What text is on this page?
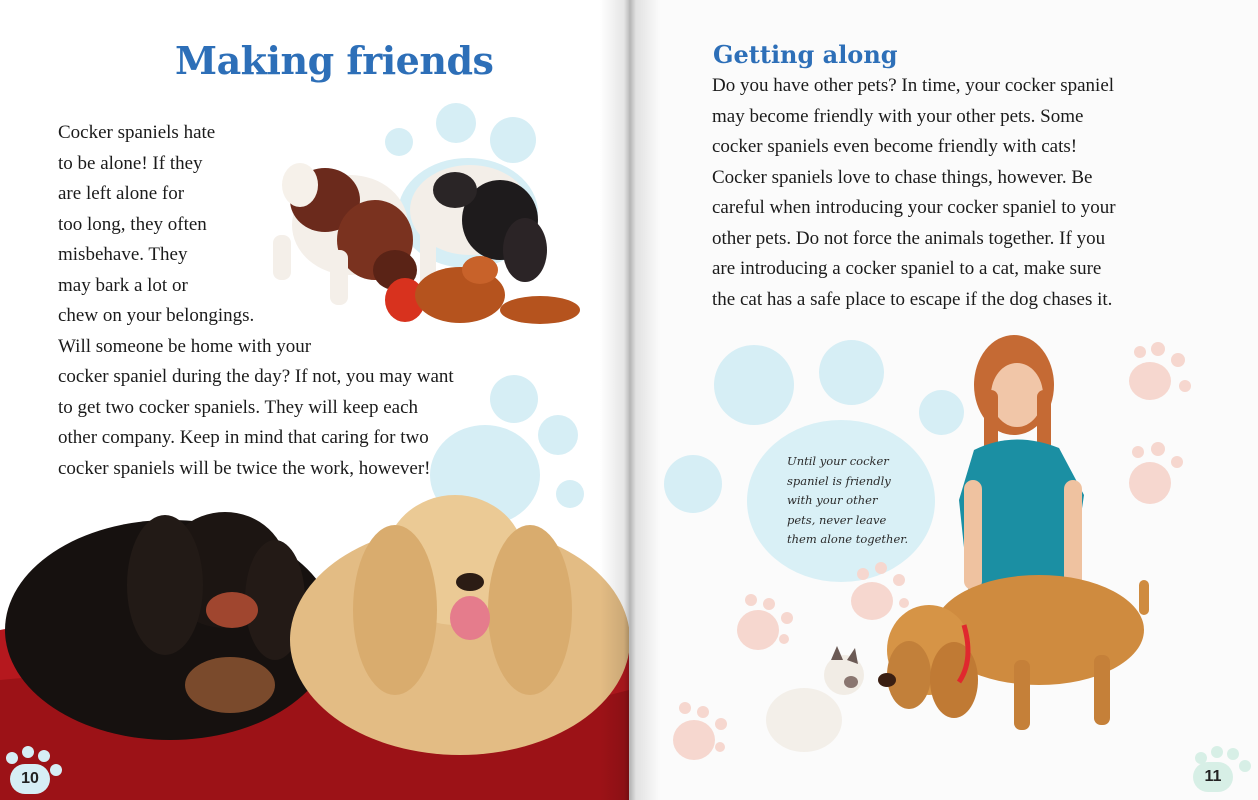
Making friends
Cocker spaniels hate
to be alone! If they
are left alone for
too long, they often
misbehave. They
may bark a lot or
chew on your belongings.
Will someone be home with your
cocker spaniel during the day? If not, you may want
to get two cocker spaniels. They will keep each
other company. Keep in mind that caring for two
cocker spaniels will be twice the work, however!
10
Getting along
Do you have other pets? In time, your cocker spaniel
may become friendly with your other pets. Some
cocker spaniels even become friendly with cats!
Cocker spaniels love to chase things, however. Be
careful when introducing your cocker spaniel to your
other pets. Do not force the animals together. If you
are introducing a cocker spaniel to a cat, make sure
the cat has a safe place to escape if the dog chases it.
Until your cocker
spaniel is friendly
with your other
pets, never leave
them alone together.
11
